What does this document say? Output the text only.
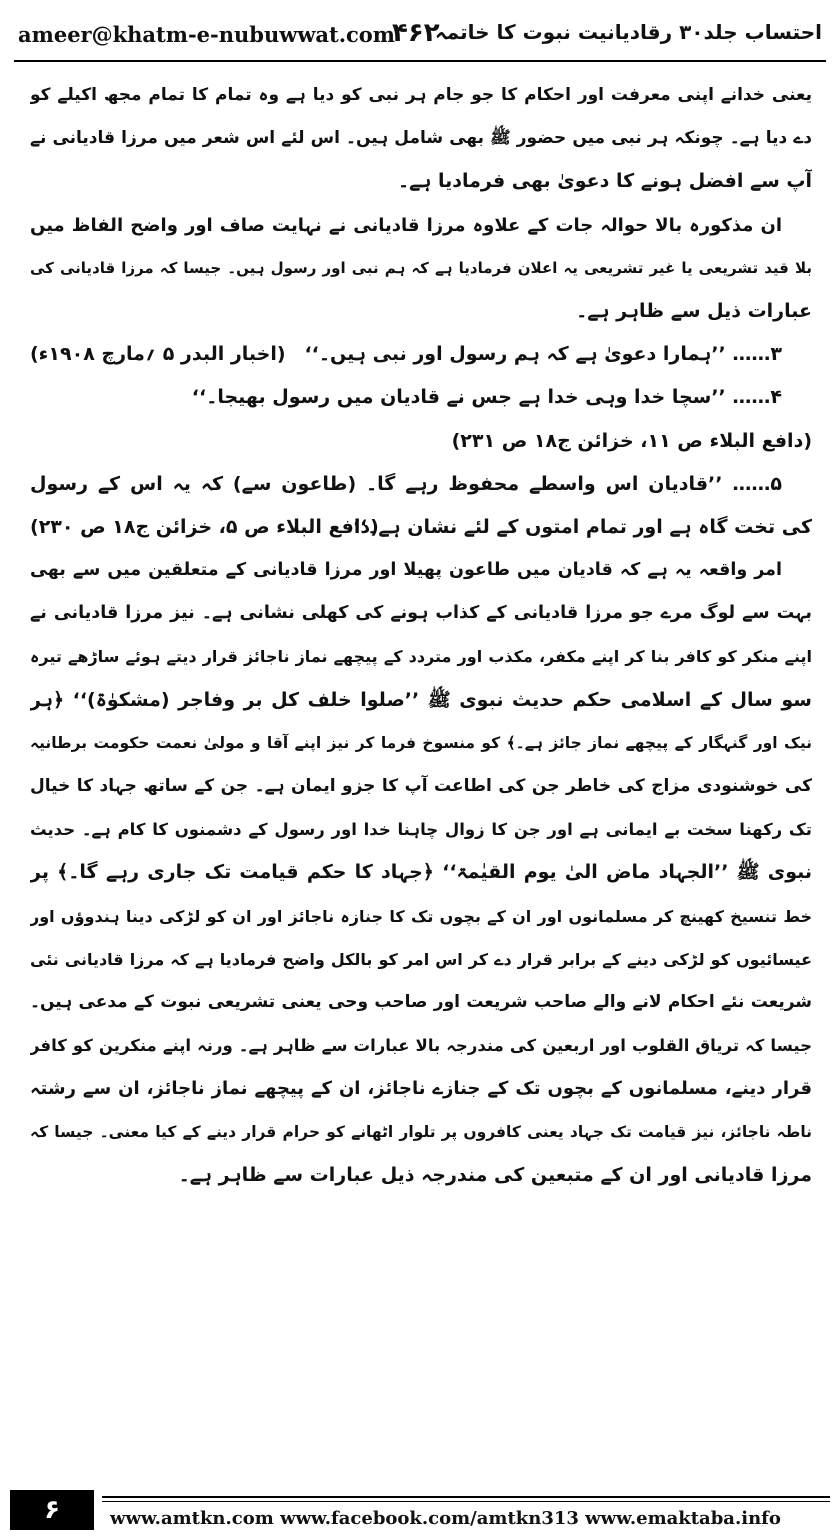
ameer@khatm-e-nubuwwat.com
۴۶۲
احتساب جلد۳۰ رقادیانیت نبوت کا خاتمہ
یعنی خدانے اپنی معرفت اور احکام کا جو جام ہر نبی کو دیا ہے وہ تمام کا تمام مجھ اکیلے کو
دے دیا ہے۔ چونکہ ہر نبی میں حضور ﷺ بھی شامل ہیں۔ اس لئے اس شعر میں مرزا قادیانی نے
آپ سے افضل ہونے کا دعویٰ بھی فرمادیا ہے۔
ان مذکورہ بالا حوالہ جات کے علاوہ مرزا قادیانی نے نہایت صاف اور واضح الفاظ میں
بلا قید تشریعی یا غیر تشریعی یہ اعلان فرمادیا ہے کہ ہم نبی اور رسول ہیں۔ جیسا کہ مرزا قادیانی کی
عبارات ذیل سے ظاہر ہے۔
۳…… ’’ہمارا دعویٰ ہے کہ ہم رسول اور نبی ہیں۔‘‘
(اخبار البدر ۵ ؍مارچ ۱۹۰۸ء)
۴…… ’’سچا خدا وہی خدا ہے جس نے قادیان میں رسول بھیجا۔‘‘
(دافع البلاء ص ۱۱، خزائن ج۱۸ ص ۲۳۱)
۵…… ’’قادیان اس واسطے محفوظ رہے گا۔ (طاعون سے) کہ یہ اس کے رسول
کی تخت گاہ ہے اور تمام امتوں کے لئے نشان ہے۔‘‘
(دافع البلاء ص ۵، خزائن ج۱۸ ص ۲۳۰)
امر واقعہ یہ ہے کہ قادیان میں طاعون پھیلا اور مرزا قادیانی کے متعلقین میں سے بھی
بہت سے لوگ مرے جو مرزا قادیانی کے کذاب ہونے کی کھلی نشانی ہے۔ نیز مرزا قادیانی نے
اپنے منکر کو کافر بنا کر اپنے مکفر، مکذب اور متردد کے پیچھے نماز ناجائز قرار دیتے ہوئے ساڑھے تیرہ
سو سال کے اسلامی حکم حدیث نبوی ﷺ ’’صلوا خلف کل بر وفاجر (مشکوٰۃ)‘‘ ﴿ہر
نیک اور گنہگار کے پیچھے نماز جائز ہے۔﴾ کو منسوخ فرما کر نیز اپنے آقا و مولیٰ نعمت حکومت برطانیہ
کی خوشنودی مزاج کی خاطر جن کی اطاعت آپ کا جزو ایمان ہے۔ جن کے ساتھ جہاد کا خیال
تک رکھنا سخت بے ایمانی ہے اور جن کا زوال چاہنا خدا اور رسول کے دشمنوں کا کام ہے۔ حدیث
نبوی ﷺ ’’الجہاد ماض الیٰ یوم القیٰمۃ‘‘ ﴿جہاد کا حکم قیامت تک جاری رہے گا۔﴾ پر
خط تنسیخ کھینچ کر مسلمانوں اور ان کے بچوں تک کا جنازہ ناجائز اور ان کو لڑکی دینا ہندوؤں اور
عیسائیوں کو لڑکی دینے کے برابر قرار دے کر اس امر کو بالکل واضح فرمادیا ہے کہ مرزا قادیانی نئی
شریعت نئے احکام لانے والے صاحب شریعت اور صاحب وحی یعنی تشریعی نبوت کے مدعی ہیں۔
جیسا کہ تریاق القلوب اور اربعین کی مندرجہ بالا عبارات سے ظاہر ہے۔ ورنہ اپنے منکرین کو کافر
قرار دینے، مسلمانوں کے بچوں تک کے جنازے ناجائز، ان کے پیچھے نماز ناجائز، ان سے رشتہ
ناطہ ناجائز، نیز قیامت تک جہاد یعنی کافروں پر تلوار اٹھانے کو حرام قرار دینے کے کیا معنی۔ جیسا کہ
مرزا قادیانی اور ان کے متبعین کی مندرجہ ذیل عبارات سے ظاہر ہے۔
۶	www.amtkn.com www.facebook.com/amtkn313 www.emaktaba.info
